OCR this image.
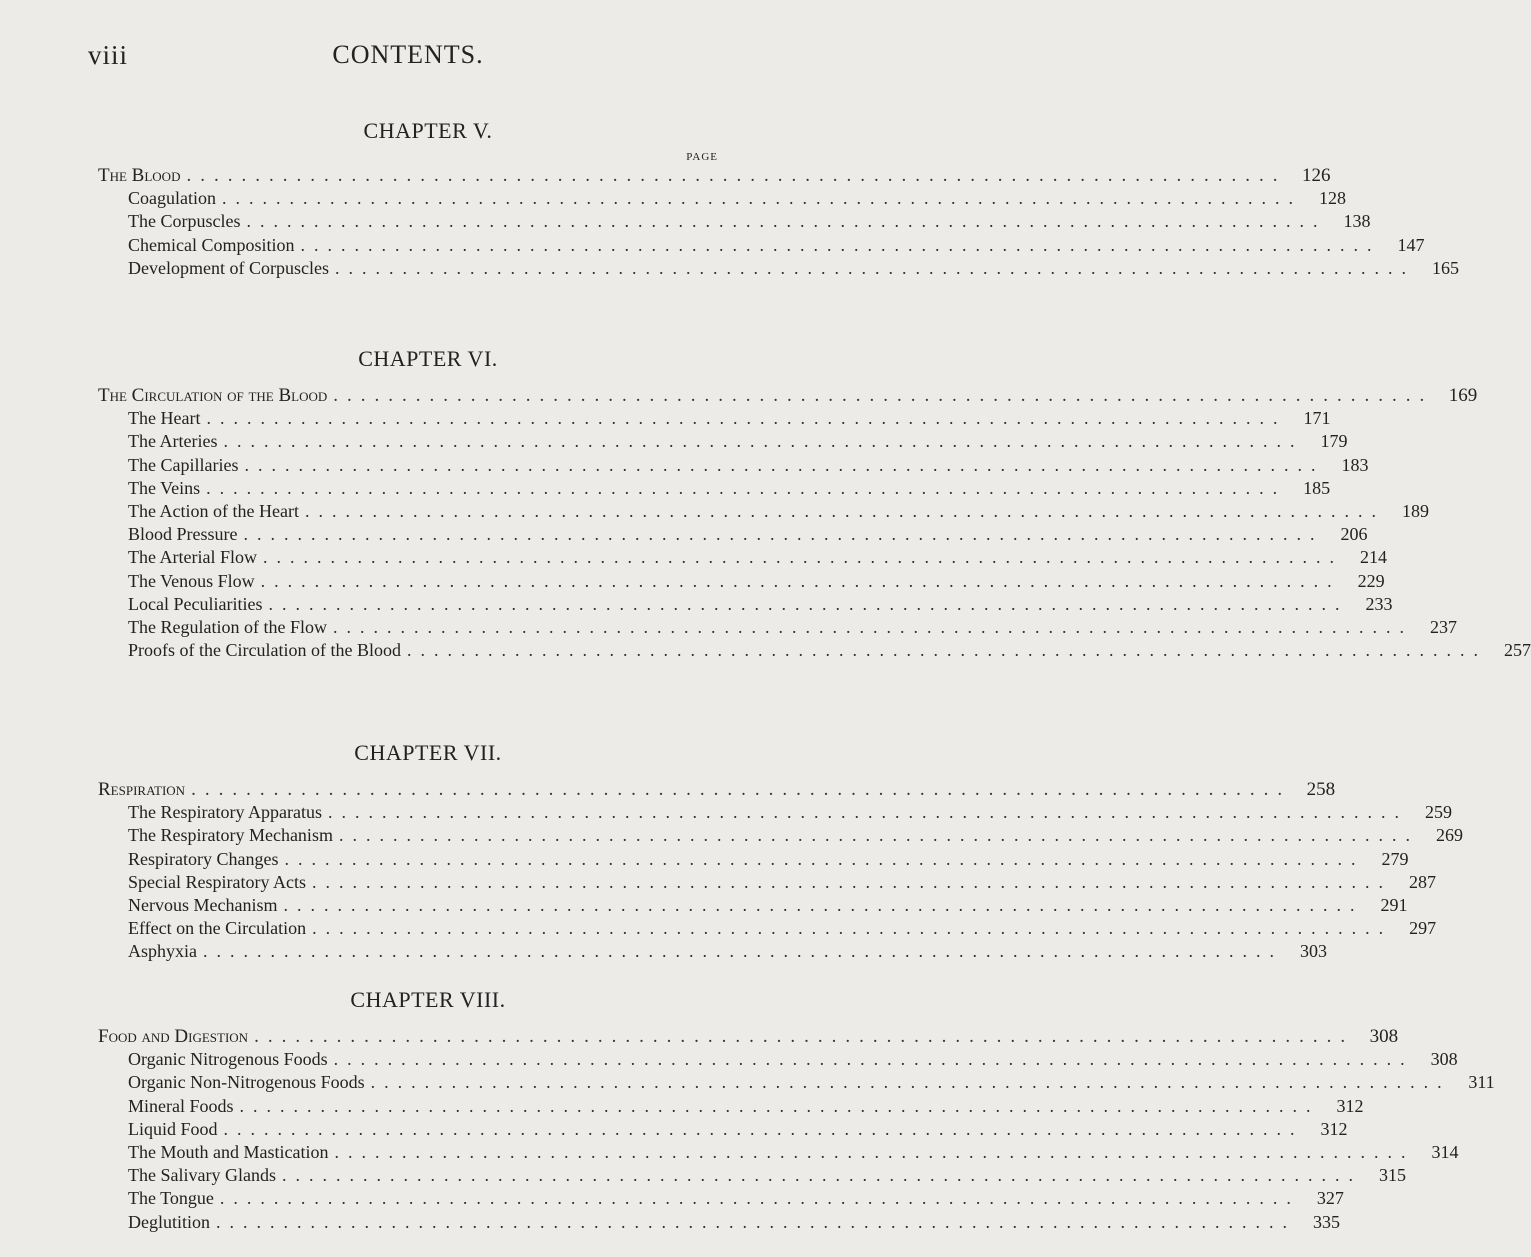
viii	CONTENTS.
CHAPTER V.
PAGE
The Blood ................................................................................ 126
Coagulation ................................................................................ 128
The Corpuscles ................................................................................ 138
Chemical Composition ................................................................................ 147
Development of Corpuscles ................................................................................ 165
CHAPTER VI.
The Circulation of the Blood ................................................................................ 169
The Heart ................................................................................ 171
The Arteries ................................................................................ 179
The Capillaries ................................................................................ 183
The Veins ................................................................................ 185
The Action of the Heart ................................................................................ 189
Blood Pressure ................................................................................ 206
The Arterial Flow ................................................................................ 214
The Venous Flow ................................................................................ 229
Local Peculiarities ................................................................................ 233
The Regulation of the Flow ................................................................................ 237
Proofs of the Circulation of the Blood ................................................................................ 257
CHAPTER VII.
Respiration ................................................................................ 258
The Respiratory Apparatus ................................................................................ 259
The Respiratory Mechanism ................................................................................ 269
Respiratory Changes ................................................................................ 279
Special Respiratory Acts ................................................................................ 287
Nervous Mechanism ................................................................................ 291
Effect on the Circulation ................................................................................ 297
Asphyxia ................................................................................ 303
CHAPTER VIII.
Food and Digestion ................................................................................ 308
Organic Nitrogenous Foods ................................................................................ 308
Organic Non-Nitrogenous Foods ................................................................................ 311
Mineral Foods ................................................................................ 312
Liquid Food ................................................................................ 312
The Mouth and Mastication ................................................................................ 314
The Salivary Glands ................................................................................ 315
The Tongue ................................................................................ 327
Deglutition ................................................................................ 335
